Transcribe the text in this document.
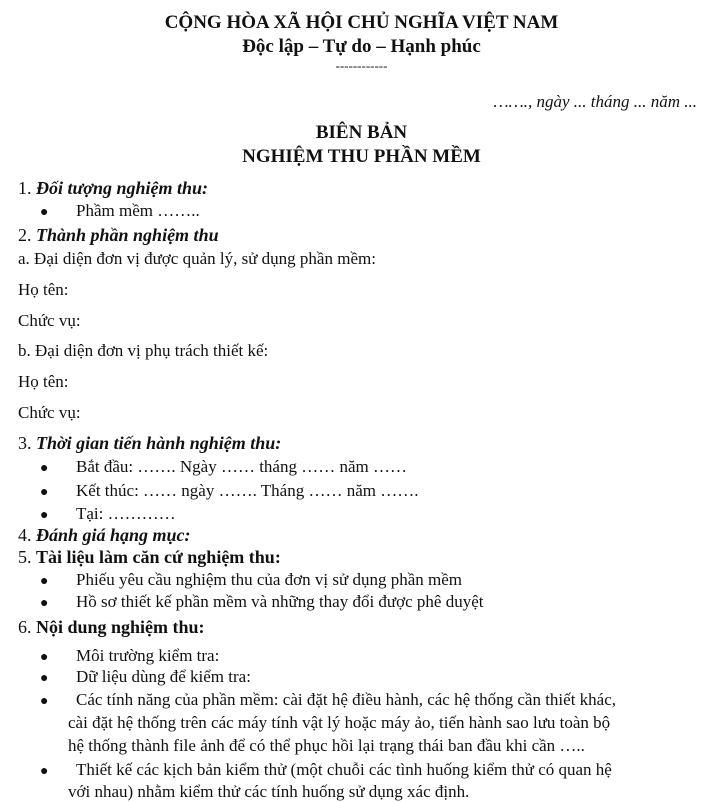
CỘNG HÒA XÃ HỘI CHỦ NGHĨA VIỆT NAM
Độc lập – Tự do – Hạnh phúc
------------
……., ngày ... tháng ... năm ...
BIÊN BẢN
NGHIỆM THU PHẦN MỀM
1. Đối tượng nghiệm thu:
● Phầm mềm ……..
2. Thành phần nghiệm thu
a. Đại diện đơn vị được quản lý, sử dụng phần mềm:
Họ tên:
Chức vụ:
b. Đại diện đơn vị phụ trách thiết kế:
Họ tên:
Chức vụ:
3. Thời gian tiến hành nghiệm thu:
● Bắt đầu: ……. Ngày …… tháng …… năm ……
● Kết thúc: …… ngày ……. Tháng …… năm …….
● Tại: …………
4. Đánh giá hạng mục:
5. Tài liệu làm căn cứ nghiệm thu:
● Phiếu yêu cầu nghiệm thu của đơn vị sử dụng phần mềm
● Hồ sơ thiết kế phần mềm và những thay đổi được phê duyệt
6. Nội dung nghiệm thu:
● Môi trường kiểm tra:
● Dữ liệu dùng để kiểm tra:
● Các tính năng của phần mềm: cài đặt hệ điều hành, các hệ thống cần thiết khác,
cài đặt hệ thống trên các máy tính vật lý hoặc máy ảo, tiến hành sao lưu toàn bộ
hệ thống thành file ảnh để có thể phục hồi lại trạng thái ban đầu khi cần …..
● Thiết kế các kịch bản kiểm thử (một chuỗi các tình huống kiểm thử có quan hệ
với nhau) nhằm kiểm thử các tính huống sử dụng xác định.
